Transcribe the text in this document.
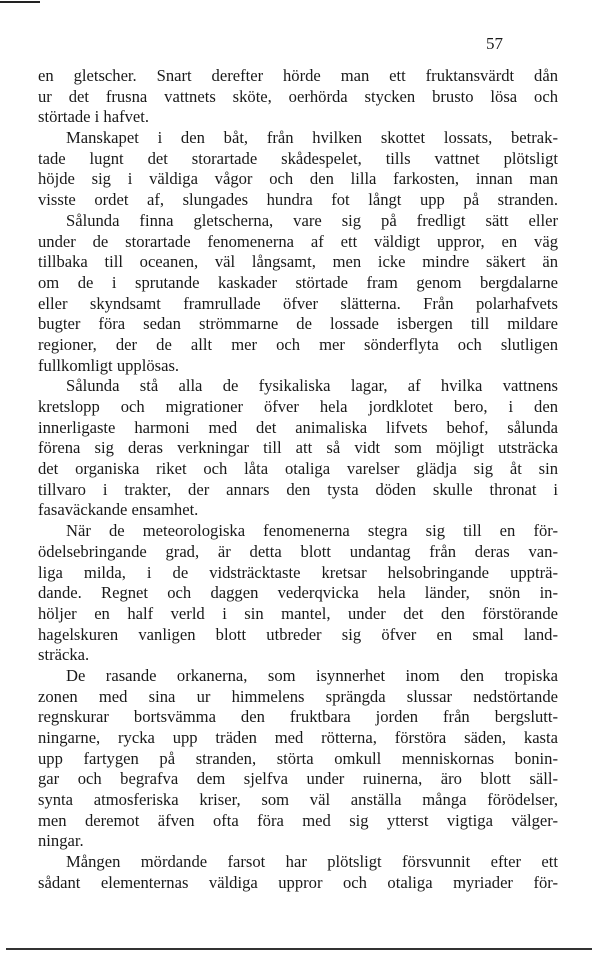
57
en gletscher. Snart derefter hörde man ett fruktansvärdt dån
ur det frusna vattnets sköte, oerhörda stycken brusto lösa och
störtade i hafvet.
Manskapet i den båt, från hvilken skottet lossats, betrak-
tade lugnt det storartade skådespelet, tills vattnet plötsligt
höjde sig i väldiga vågor och den lilla farkosten, innan man
visste ordet af, slungades hundra fot långt upp på stranden.
Sålunda finna gletscherna, vare sig på fredligt sätt eller
under de storartade fenomenerna af ett väldigt uppror, en väg
tillbaka till oceanen, väl långsamt, men icke mindre säkert än
om de i sprutande kaskader störtade fram genom bergdalarne
eller skyndsamt framrullade öfver slätterna. Från polarhafvets
bugter föra sedan strömmarne de lossade isbergen till mildare
regioner, der de allt mer och mer sönderflyta och slutligen
fullkomligt upplösas.
Sålunda stå alla de fysikaliska lagar, af hvilka vattnens
kretslopp och migrationer öfver hela jordklotet bero, i den
innerligaste harmoni med det animaliska lifvets behof, sålunda
förena sig deras verkningar till att så vidt som möjligt utsträcka
det organiska riket och låta otaliga varelser glädja sig åt sin
tillvaro i trakter, der annars den tysta döden skulle thronat i
fasaväckande ensamhet.
När de meteorologiska fenomenerna stegra sig till en för-
ödelsebringande grad, är detta blott undantag från deras van-
liga milda, i de vidsträcktaste kretsar helsobringande uppträ-
dande. Regnet och daggen vederqvicka hela länder, snön in-
höljer en half verld i sin mantel, under det den förstörande
hagelskuren vanligen blott utbreder sig öfver en smal land-
sträcka.
De rasande orkanerna, som isynnerhet inom den tropiska
zonen med sina ur himmelens sprängda slussar nedstörtande
regnskurar bortsvämma den fruktbara jorden från bergslutt-
ningarne, rycka upp träden med rötterna, förstöra säden, kasta
upp fartygen på stranden, störta omkull menniskornas bonin-
gar och begrafva dem sjelfva under ruinerna, äro blott säll-
synta atmosferiska kriser, som väl anställa många förödelser,
men deremot äfven ofta föra med sig ytterst vigtiga välger-
ningar.
Mången mördande farsot har plötsligt försvunnit efter ett
sådant elementernas väldiga uppror och otaliga myriader för-
